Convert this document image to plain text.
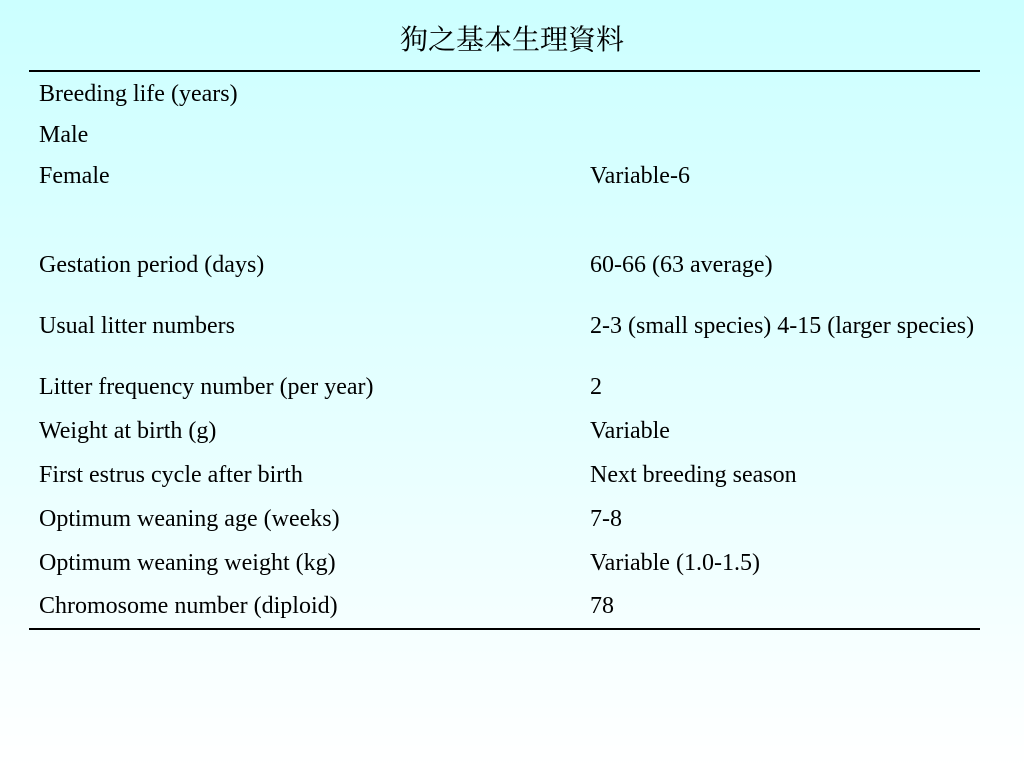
狗之基本生理資料
Breeding life (years)	
Male	
Female	Variable-6

Gestation period (days)	60-66 (63 average)
Usual litter numbers	2-3 (small species) 4-15 (larger species)
Litter frequency number (per year)	2
Weight at birth (g)	Variable
First estrus cycle after birth	Next breeding season
Optimum weaning age (weeks)	7-8
Optimum weaning weight (kg)	Variable (1.0-1.5)
Chromosome number (diploid)	78
